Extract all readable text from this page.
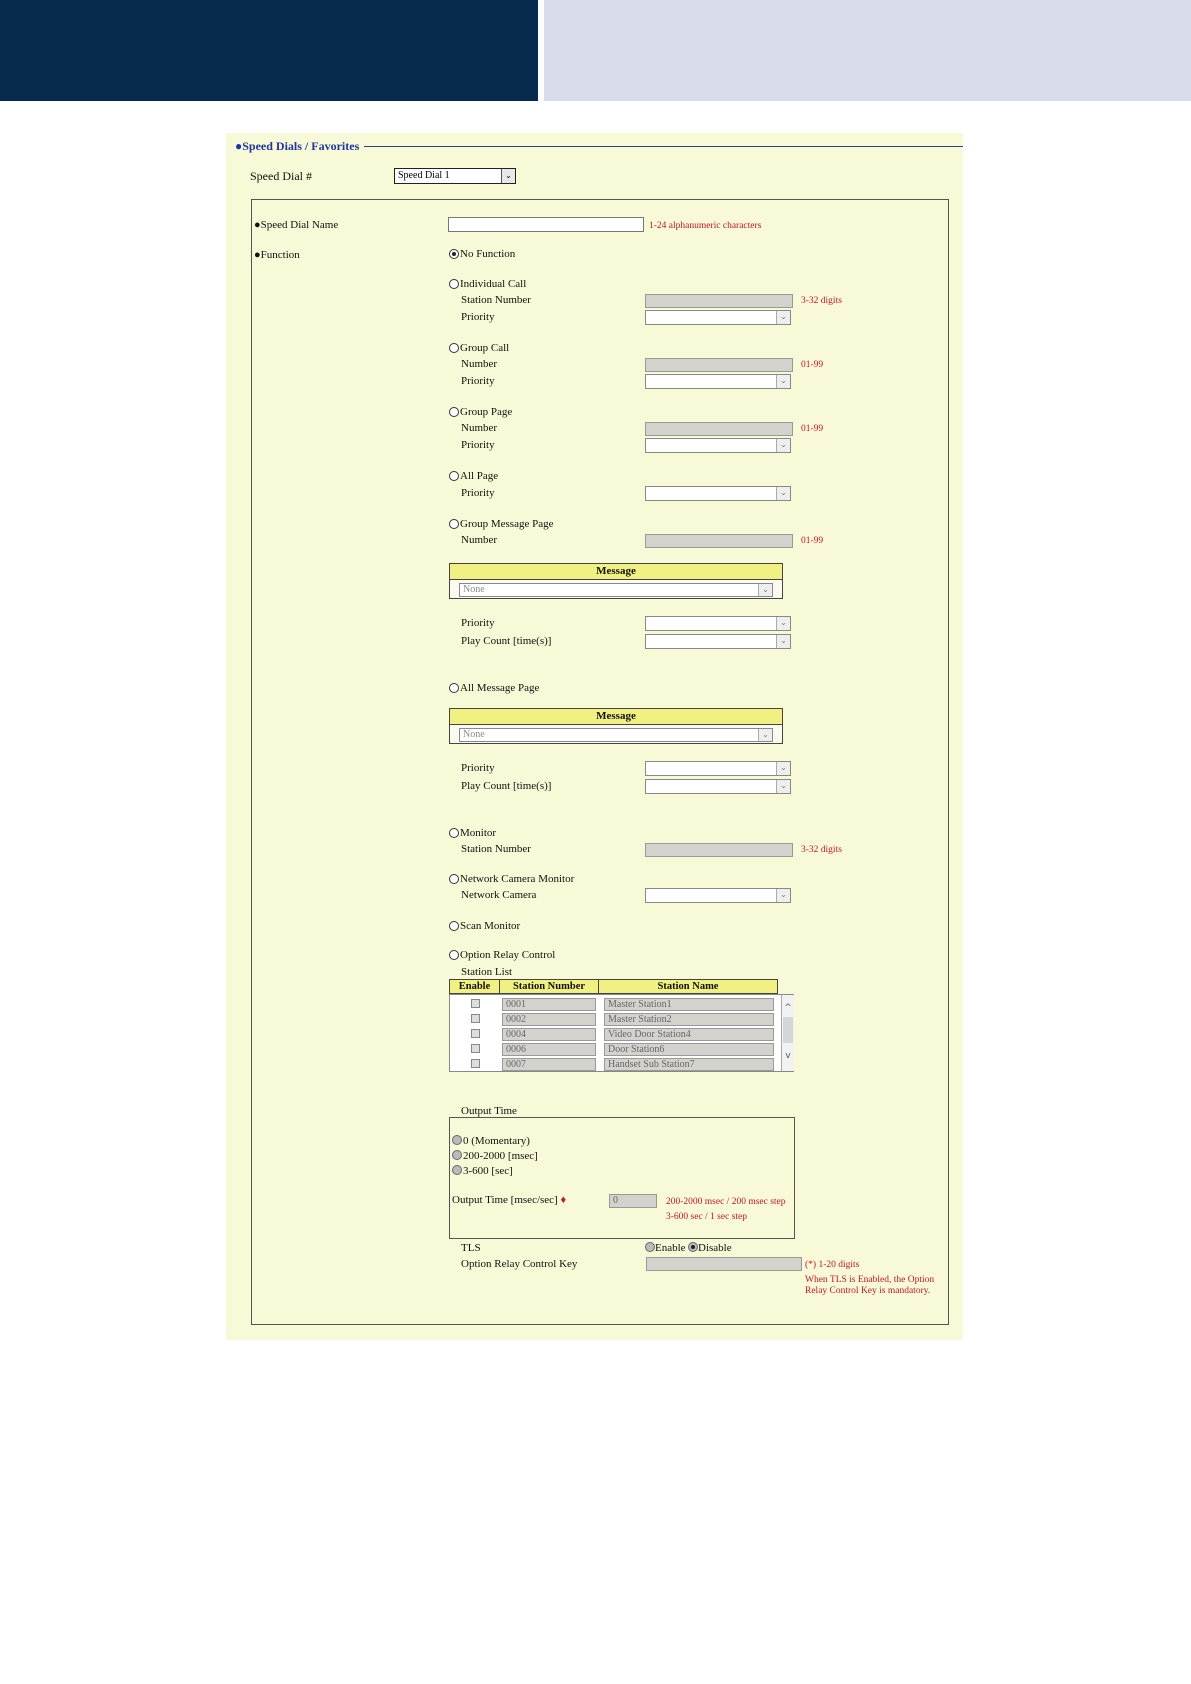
●Speed Dials / Favorites
Speed Dial #	Speed Dial 1	⌄
●Speed Dial Name	1-24 alphanumeric characters
●Function	No Function
Individual Call
Station Number	3-32 digits
Priority	⌄
Group Call
Number	01-99
Priority	⌄
Group Page
Number	01-99
Priority	⌄
All Page
Priority	⌄
Group Message Page
Number	01-99
Message
None	⌄
Priority	⌄
Play Count [time(s)]	⌄
All Message Page
Message
None	⌄
Priority	⌄
Play Count [time(s)]	⌄
Monitor
Station Number	3-32 digits
Network Camera Monitor
Network Camera	⌄
Scan Monitor
Option Relay Control
Station List
Enable	Station Number	Station Name
0001	Master Station1
0002	Master Station2
0004	Video Door Station4
0006	Door Station6
0007	Handset Sub Station7
^
v
Output Time
0 (Momentary)
200-2000 [msec]
3-600 [sec]
Output Time [msec/sec] ♦	0	200-2000 msec / 200 msec step
3-600 sec / 1 sec step
TLS	Enable Disable
Option Relay Control Key	(*) 1-20 digits
When TLS is Enabled, the Option
Relay Control Key is mandatory.
